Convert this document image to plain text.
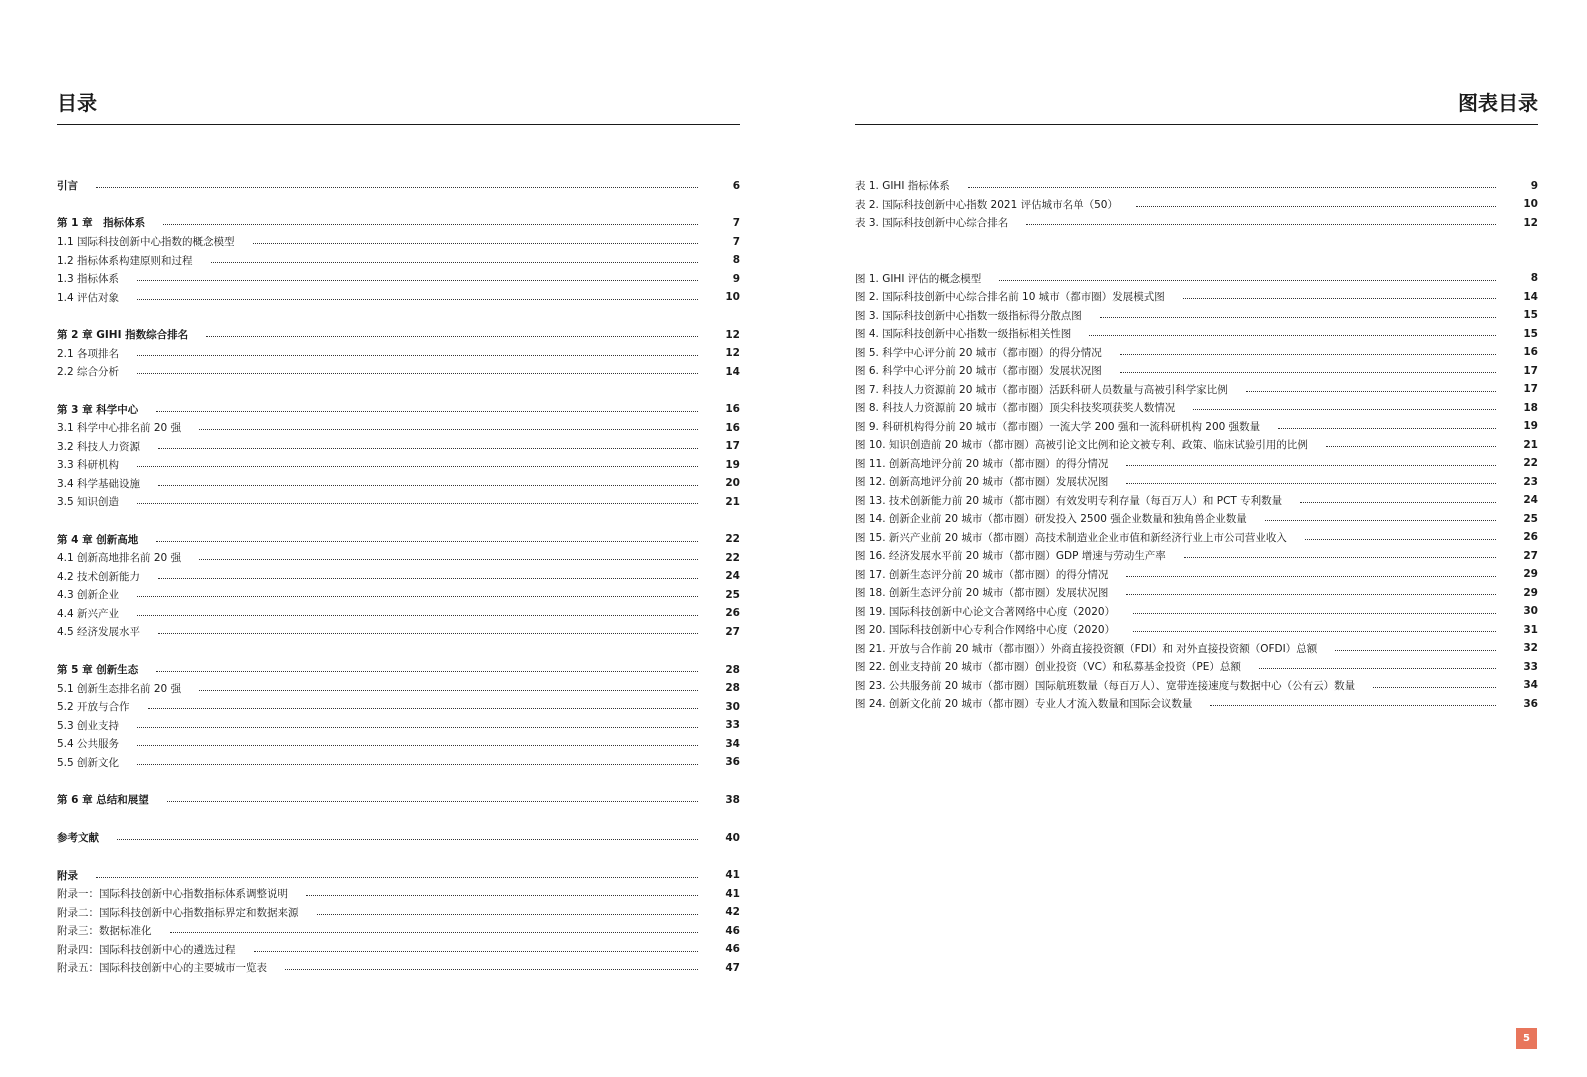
目录
引言	6
第 1 章　指标体系	7
1.1 国际科技创新中心指数的概念模型	7
1.2 指标体系构建原则和过程	8
1.3 指标体系	9
1.4 评估对象	10
第 2 章 GIHI 指数综合排名	12
2.1 各项排名	12
2.2 综合分析	14
第 3 章 科学中心	16
3.1 科学中心排名前 20 强	16
3.2 科技人力资源	17
3.3 科研机构	19
3.4 科学基础设施	20
3.5 知识创造	21
第 4 章 创新高地	22
4.1 创新高地排名前 20 强	22
4.2 技术创新能力	24
4.3 创新企业	25
4.4 新兴产业	26
4.5 经济发展水平	27
第 5 章 创新生态	28
5.1 创新生态排名前 20 强	28
5.2 开放与合作	30
5.3 创业支持	33
5.4 公共服务	34
5.5 创新文化	36
第 6 章 总结和展望	38
参考文献	40
附录	41
附录一：国际科技创新中心指数指标体系调整说明	41
附录二：国际科技创新中心指数指标界定和数据来源	42
附录三：数据标准化	46
附录四：国际科技创新中心的遴选过程	46
附录五：国际科技创新中心的主要城市一览表	47
图表目录
表 1. GIHI 指标体系	9
表 2. 国际科技创新中心指数 2021 评估城市名单（50）	10
表 3. 国际科技创新中心综合排名	12
图 1. GIHI 评估的概念模型	8
图 2. 国际科技创新中心综合排名前 10 城市（都市圈）发展模式图	14
图 3. 国际科技创新中心指数一级指标得分散点图	15
图 4. 国际科技创新中心指数一级指标相关性图	15
图 5. 科学中心评分前 20 城市（都市圈）的得分情况	16
图 6. 科学中心评分前 20 城市（都市圈）发展状况图	17
图 7. 科技人力资源前 20 城市（都市圈）活跃科研人员数量与高被引科学家比例	17
图 8. 科技人力资源前 20 城市（都市圈）顶尖科技奖项获奖人数情况	18
图 9. 科研机构得分前 20 城市（都市圈）一流大学 200 强和一流科研机构 200 强数量	19
图 10. 知识创造前 20 城市（都市圈）高被引论文比例和论文被专利、政策、临床试验引用的比例	21
图 11. 创新高地评分前 20 城市（都市圈）的得分情况	22
图 12. 创新高地评分前 20 城市（都市圈）发展状况图	23
图 13. 技术创新能力前 20 城市（都市圈）有效发明专利存量（每百万人）和 PCT 专利数量	24
图 14. 创新企业前 20 城市（都市圈）研发投入 2500 强企业数量和独角兽企业数量	25
图 15. 新兴产业前 20 城市（都市圈）高技术制造业企业市值和新经济行业上市公司营业收入	26
图 16. 经济发展水平前 20 城市（都市圈）GDP 增速与劳动生产率	27
图 17. 创新生态评分前 20 城市（都市圈）的得分情况	29
图 18. 创新生态评分前 20 城市（都市圈）发展状况图	29
图 19. 国际科技创新中心论文合著网络中心度（2020）	30
图 20. 国际科技创新中心专利合作网络中心度（2020）	31
图 21. 开放与合作前 20 城市（都市圈））外商直接投资额（FDI）和 对外直接投资额（OFDI）总额	32
图 22. 创业支持前 20 城市（都市圈）创业投资（VC）和私募基金投资（PE）总额	33
图 23. 公共服务前 20 城市（都市圈）国际航班数量（每百万人）、宽带连接速度与数据中心（公有云）数量	34
图 24. 创新文化前 20 城市（都市圈）专业人才流入数量和国际会议数量	36
5
